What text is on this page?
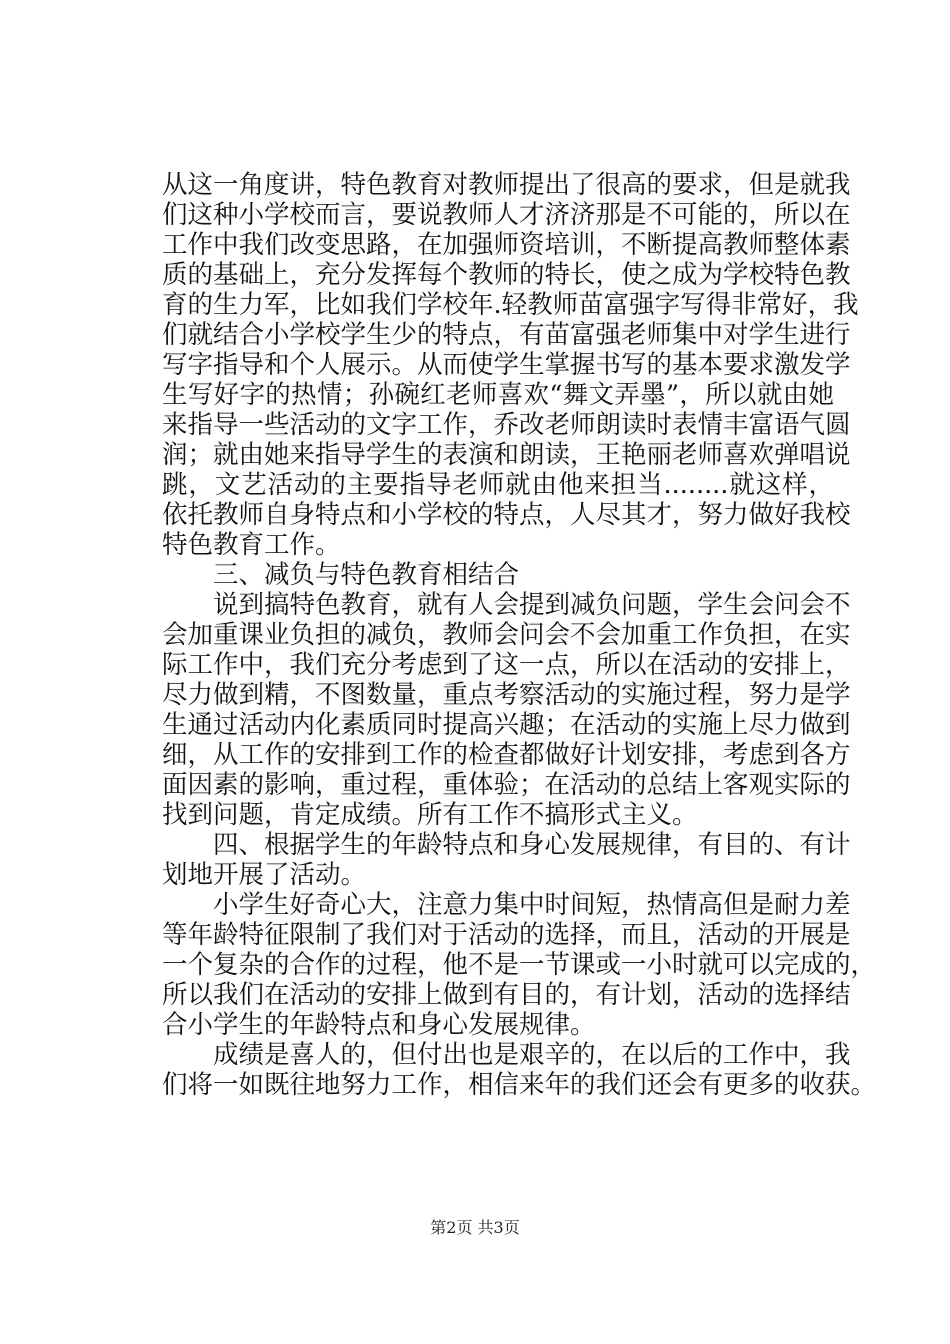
从这一角度讲，特色教育对教师提出了很高的要求，但是就我
们这种小学校而言，要说教师人才济济那是不可能的，所以在
工作中我们改变思路，在加强师资培训，不断提高教师整体素
质的基础上，充分发挥每个教师的特长，使之成为学校特色教
育的生力军，比如我们学校年.轻教师苗富强字写得非常好，我
们就结合小学校学生少的特点，有苗富强老师集中对学生进行
写字指导和个人展示。从而使学生掌握书写的基本要求激发学
生写好字的热情；孙碗红老师喜欢“舞文弄墨”，所以就由她
来指导一些活动的文字工作，乔改老师朗读时表情丰富语气圆
润；就由她来指导学生的表演和朗读，王艳丽老师喜欢弹唱说
跳，文艺活动的主要指导老师就由他来担当........就这样，
依托教师自身特点和小学校的特点，人尽其才，努力做好我校
特色教育工作。
三、减负与特色教育相结合
说到搞特色教育，就有人会提到减负问题，学生会问会不
会加重课业负担的减负，教师会问会不会加重工作负担，在实
际工作中，我们充分考虑到了这一点，所以在活动的安排上，
尽力做到精，不图数量，重点考察活动的实施过程，努力是学
生通过活动内化素质同时提高兴趣；在活动的实施上尽力做到
细，从工作的安排到工作的检查都做好计划安排，考虑到各方
面因素的影响，重过程，重体验；在活动的总结上客观实际的
找到问题，肯定成绩。所有工作不搞形式主义。
四、根据学生的年龄特点和身心发展规律，有目的、有计
划地开展了活动。
小学生好奇心大，注意力集中时间短，热情高但是耐力差
等年龄特征限制了我们对于活动的选择，而且，活动的开展是
一个复杂的合作的过程，他不是一节课或一小时就可以完成的，
所以我们在活动的安排上做到有目的，有计划，活动的选择结
合小学生的年龄特点和身心发展规律。
成绩是喜人的，但付出也是艰辛的，在以后的工作中，我
们将一如既往地努力工作，相信来年的我们还会有更多的收获。
第2页 共3页
